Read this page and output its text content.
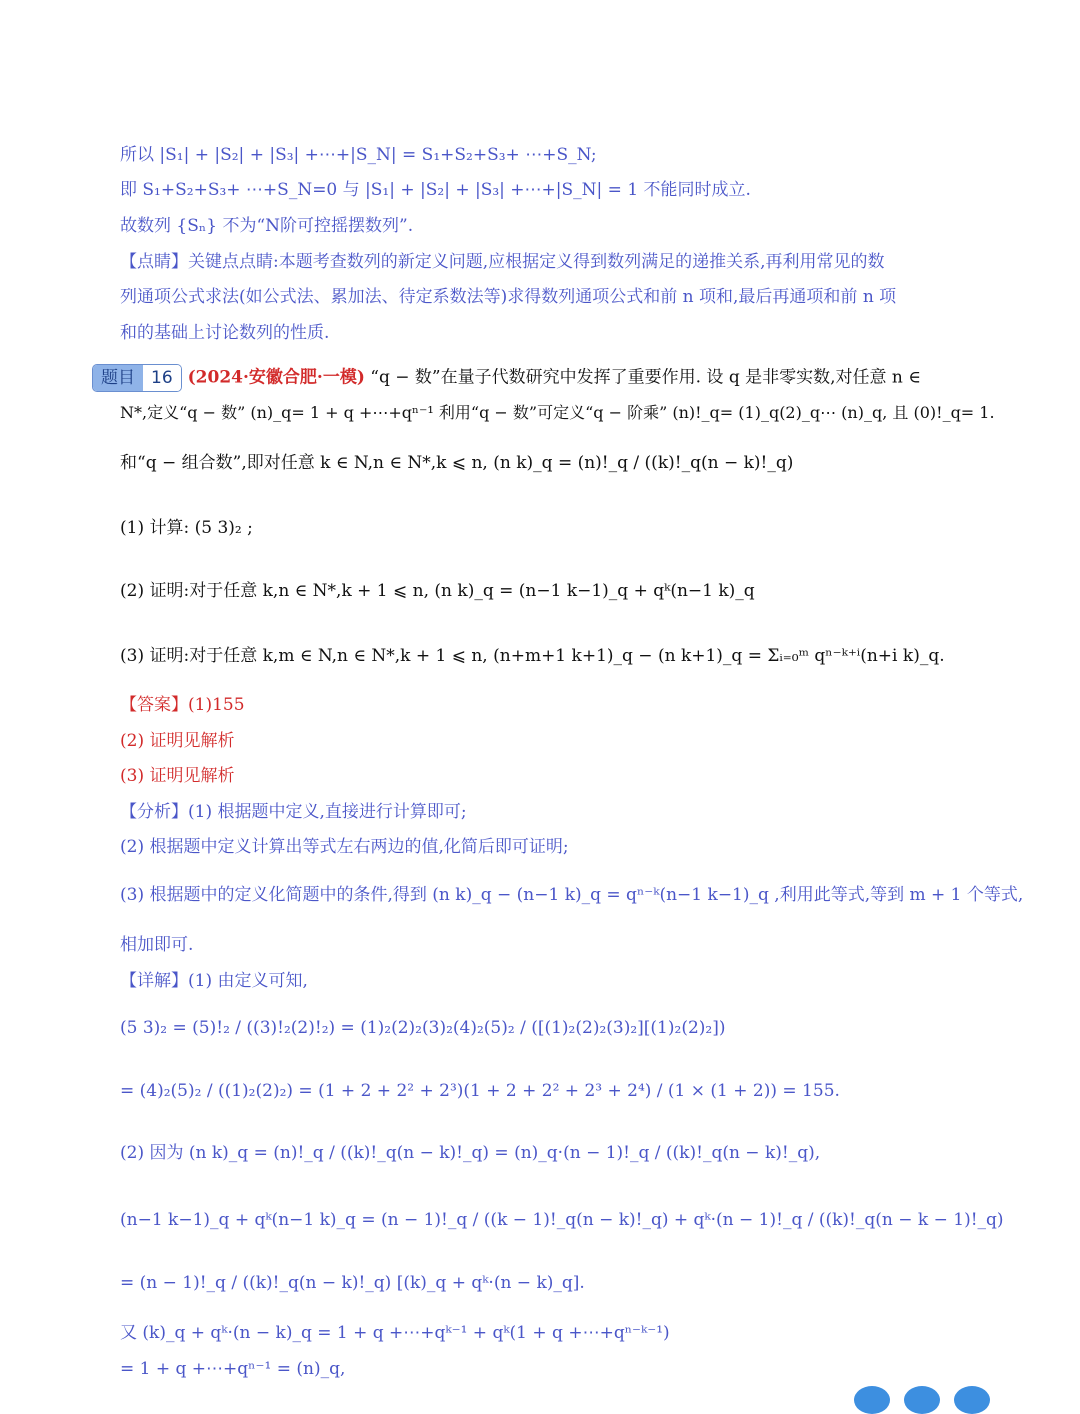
所以 |S₁| + |S₂| + |S₃| +⋯+|S_N| = S₁+S₂+S₃+ ⋯+S_N;
即 S₁+S₂+S₃+ ⋯+S_N=0 与 |S₁| + |S₂| + |S₃| +⋯+|S_N| = 1 不能同时成立.
故数列 {Sₙ} 不为“N阶可控摇摆数列”.
【点睛】关键点点睛:本题考查数列的新定义问题,应根据定义得到数列满足的递推关系,再利用常见的数
列通项公式求法(如公式法、累加法、待定系数法等)求得数列通项公式和前 n 项和,最后再通项和前 n 项
和的基础上讨论数列的性质.
题目 16 (2024·安徽合肥·一模) “q − 数”在量子代数研究中发挥了重要作用. 设 q 是非零实数,对任意 n ∈
N*,定义“q − 数” (n)_q= 1 + q +⋯+qⁿ⁻¹ 利用“q − 数”可定义“q − 阶乘” (n)!_q= (1)_q(2)_q⋯ (n)_q, 且 (0)!_q= 1.
和“q − 组合数”,即对任意 k ∈ N,n ∈ N*,k ⩽ n, (n k)_q = (n)!_q / ((k)!_q(n − k)!_q)
(1) 计算: (5 3)₂ ;
(2) 证明:对于任意 k,n ∈ N*,k + 1 ⩽ n, (n k)_q = (n−1 k−1)_q + qᵏ(n−1 k)_q
(3) 证明:对于任意 k,m ∈ N,n ∈ N*,k + 1 ⩽ n, (n+m+1 k+1)_q − (n k+1)_q = Σᵢ₌₀ᵐ qⁿ⁻ᵏ⁺ⁱ(n+i k)_q.
【答案】(1)155
(2) 证明见解析
(3) 证明见解析
【分析】(1) 根据题中定义,直接进行计算即可;
(2) 根据题中定义计算出等式左右两边的值,化简后即可证明;
(3) 根据题中的定义化简题中的条件,得到 (n k)_q − (n−1 k)_q = qⁿ⁻ᵏ(n−1 k−1)_q ,利用此等式,等到 m + 1 个等式,
相加即可.
【详解】(1) 由定义可知,
(5 3)₂ = (5)!₂ / ((3)!₂(2)!₂) = (1)₂(2)₂(3)₂(4)₂(5)₂ / ([(1)₂(2)₂(3)₂][(1)₂(2)₂])
= (4)₂(5)₂ / ((1)₂(2)₂) = (1 + 2 + 2² + 2³)(1 + 2 + 2² + 2³ + 2⁴) / (1 × (1 + 2)) = 155.
(2) 因为 (n k)_q = (n)!_q / ((k)!_q(n − k)!_q) = (n)_q·(n − 1)!_q / ((k)!_q(n − k)!_q),
(n−1 k−1)_q + qᵏ(n−1 k)_q = (n − 1)!_q / ((k − 1)!_q(n − k)!_q) + qᵏ·(n − 1)!_q / ((k)!_q(n − k − 1)!_q)
= (n − 1)!_q / ((k)!_q(n − k)!_q) [(k)_q + qᵏ·(n − k)_q].
又 (k)_q + qᵏ·(n − k)_q = 1 + q +⋯+qᵏ⁻¹ + qᵏ(1 + q +⋯+qⁿ⁻ᵏ⁻¹)
= 1 + q +⋯+qⁿ⁻¹ = (n)_q,
